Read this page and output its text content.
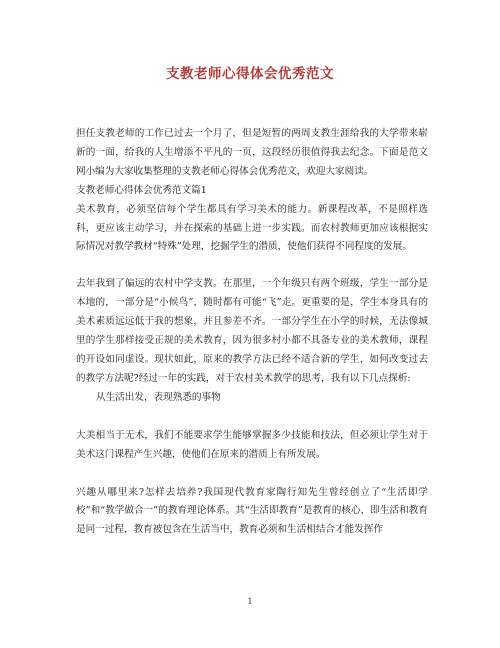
支教老师心得体会优秀范文

担任支教老师的工作已过去一个月了，但是短暂的两周支教生涯给我的大学带来崭新的一面，给我的人生增添不平凡的一页，这段经历很值得我去纪念。下面是范文网小编为大家收集整理的支教老师心得体会优秀范文，欢迎大家阅读。

支教老师心得体会优秀范文篇1

美术教育，必须坚信每个学生都具有学习美术的能力。新课程改革，不是照样选科，更应该主动学习，并在探索的基础上进一步实践。而农村教师更加应该根据实际情况对教学教材“特殊”处理，挖掘学生的潜质，使他们获得不同程度的发展。

去年我到了偏远的农村中学支教。在那里，一个年级只有两个班级，学生一部分是本地的，一部分是“小候鸟”，随时都有可能“飞”走。更重要的是，学生本身具有的美术素质远远低于我的想象，并且参差不齐。一部分学生在小学的时候，无法像城里的学生那样接受正规的美术教育，因为很多村小都不具备专业的美术教师，课程的开设如同虚设。现状如此，原来的教学方法已经不适合新的学生，如何改变过去的教学方法呢?经过一年的实践，对于农村美术教学的思考，我有以下几点探析:

从生活出发，表现熟悉的事物

大美相当于无术，我们不能要求学生能够掌握多少技能和技法，但必须让学生对于美术这门课程产生兴趣，使他们在原来的潜质上有所发展。

兴趣从哪里来?怎样去培养?我国现代教育家陶行知先生曾经创立了“生活即学校”和“教学做合一”的教育理论体系。其“生活即教育”是教育的核心，即生活和教育是同一过程，教育被包含在生活当中，教育必须和生活相结合才能发挥作

1
